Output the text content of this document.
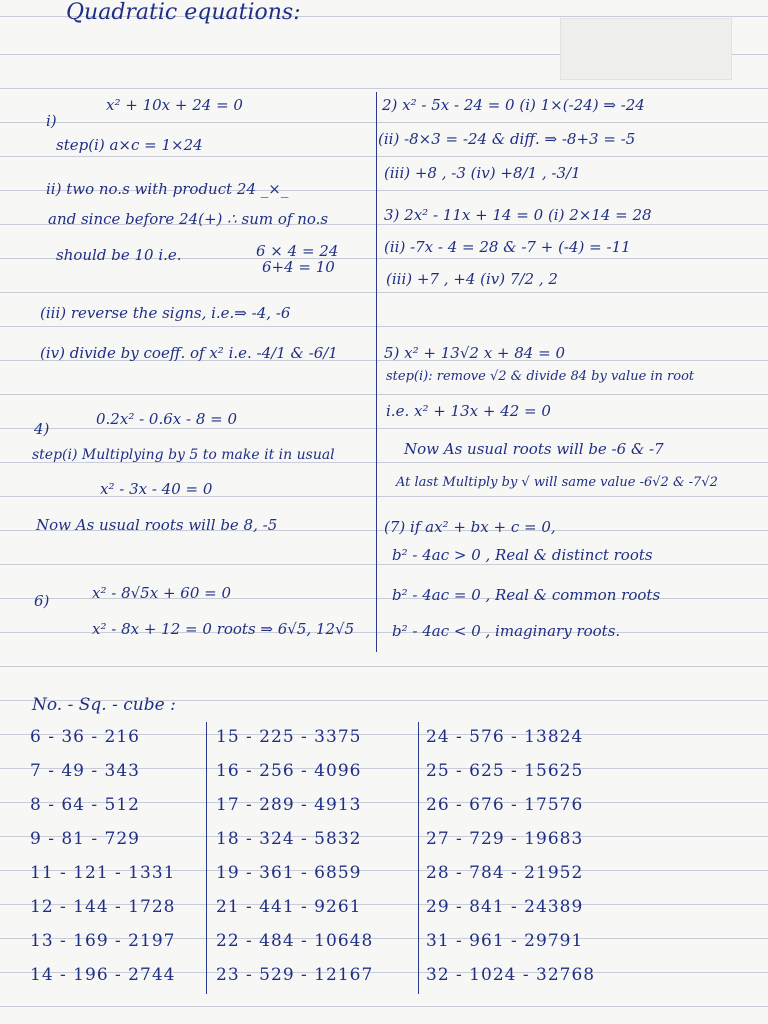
Quadratic equations:
i)
x² + 10x + 24 = 0
step(i) a×c = 1×24
ii) two no.s with product 24 _×_
and since before 24(+) ∴ sum of no.s
should be 10 i.e.	6 × 4 = 24
6+4 = 10
(iii) reverse the signs, i.e.⇒ -4, -6
(iv) divide by coeff. of x² i.e. -4/1 & -6/1
2) x² - 5x - 24 = 0 (i) 1×(-24) ⇒ -24
(ii) -8×3 = -24 & diff. ⇒ -8+3 = -5
(iii) +8 , -3 (iv) +8/1 , -3/1
3) 2x² - 11x + 14 = 0 (i) 2×14 = 28
(ii) -7x - 4 = 28 & -7 + (-4) = -11
(iii) +7 , +4 (iv) 7/2 , 2
5) x² + 13√2 x + 84 = 0
step(i): remove √2 & divide 84 by value in root
i.e. x² + 13x + 42 = 0
Now As usual roots will be -6 & -7
At last Multiply by √ will same value -6√2 & -7√2
4)
0.2x² - 0.6x - 8 = 0
step(i) Multiplying by 5 to make it in usual
x² - 3x - 40 = 0
Now As usual roots will be 8, -5	(7) if ax² + bx + c = 0,
b² - 4ac > 0 , Real & distinct roots
b² - 4ac = 0 , Real & common roots
b² - 4ac < 0 , imaginary roots.
6)	x² - 8√5x + 60 = 0
x² - 8x + 12 = 0 roots ⇒ 6√5, 12√5
No. - Sq. - cube :
6 - 36 - 216
7 - 49 - 343
8 - 64 - 512
9 - 81 - 729
11 - 121 - 1331
12 - 144 - 1728
13 - 169 - 2197
14 - 196 - 2744
15 - 225 - 3375
16 - 256 - 4096
17 - 289 - 4913
18 - 324 - 5832
19 - 361 - 6859
21 - 441 - 9261
22 - 484 - 10648
23 - 529 - 12167
24 - 576 - 13824
25 - 625 - 15625
26 - 676 - 17576
27 - 729 - 19683
28 - 784 - 21952
29 - 841 - 24389
31 - 961 - 29791
32 - 1024 - 32768
